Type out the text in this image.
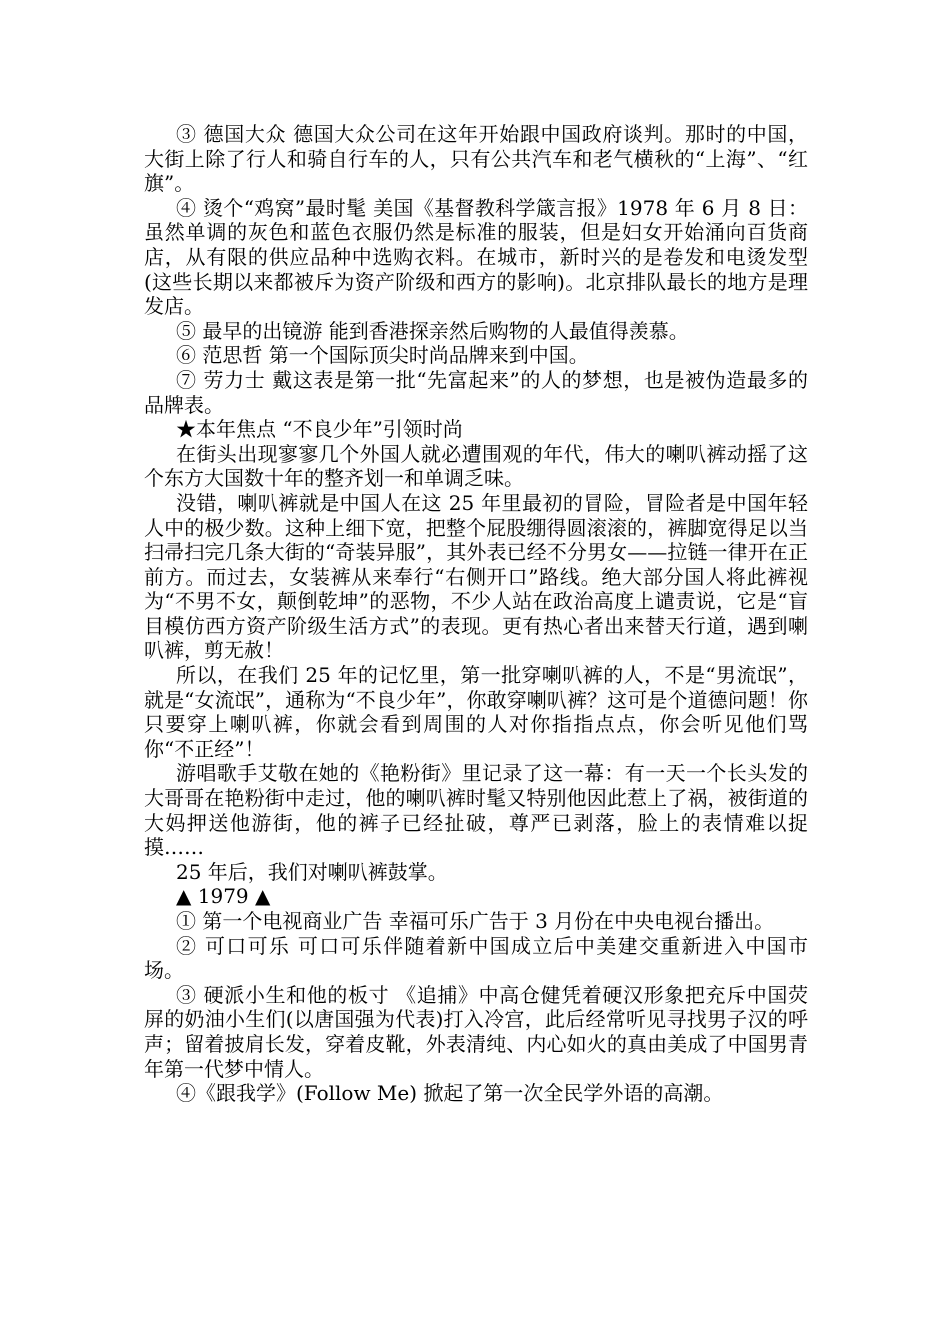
③ 德国大众 德国大众公司在这年开始跟中国政府谈判。那时的中国，大街上除了行人和骑自行车的人，只有公共汽车和老气横秋的“上海”、“红旗”。

④ 烫个“鸡窝”最时髦 美国《基督教科学箴言报》1978 年 6 月 8 日：虽然单调的灰色和蓝色衣服仍然是标准的服装，但是妇女开始涌向百货商店，从有限的供应品种中选购衣料。在城市，新时兴的是卷发和电烫发型(这些长期以来都被斥为资产阶级和西方的影响)。北京排队最长的地方是理发店。

⑤ 最早的出镜游 能到香港探亲然后购物的人最值得羡慕。

⑥ 范思哲 第一个国际顶尖时尚品牌来到中国。

⑦ 劳力士 戴这表是第一批“先富起来”的人的梦想，也是被伪造最多的品牌表。

★本年焦点 “不良少年”引领时尚

在街头出现寥寥几个外国人就必遭围观的年代，伟大的喇叭裤动摇了这个东方大国数十年的整齐划一和单调乏味。

没错，喇叭裤就是中国人在这 25 年里最初的冒险，冒险者是中国年轻人中的极少数。这种上细下宽，把整个屁股绷得圆滚滚的，裤脚宽得足以当扫帚扫完几条大街的“奇装异服”，其外表已经不分男女——拉链一律开在正前方。而过去，女装裤从来奉行“右侧开口”路线。绝大部分国人将此裤视为“不男不女，颠倒乾坤”的恶物，不少人站在政治高度上谴责说，它是“盲目模仿西方资产阶级生活方式”的表现。更有热心者出来替天行道，遇到喇叭裤，剪无赦！

所以，在我们 25 年的记忆里，第一批穿喇叭裤的人，不是“男流氓”，就是“女流氓”，通称为“不良少年”，你敢穿喇叭裤？这可是个道德问题！你只要穿上喇叭裤，你就会看到周围的人对你指指点点，你会听见他们骂你“不正经”！

游唱歌手艾敬在她的《艳粉街》里记录了这一幕：有一天一个长头发的大哥哥在艳粉街中走过，他的喇叭裤时髦又特别他因此惹上了祸，被街道的大妈押送他游街，他的裤子已经扯破，尊严已剥落，脸上的表情难以捉摸……

25 年后，我们对喇叭裤鼓掌。

▲ 1979 ▲

① 第一个电视商业广告 幸福可乐广告于 3 月份在中央电视台播出。

② 可口可乐 可口可乐伴随着新中国成立后中美建交重新进入中国市场。

③ 硬派小生和他的板寸 《追捕》中高仓健凭着硬汉形象把充斥中国荧屏的奶油小生们(以唐国强为代表)打入冷宫，此后经常听见寻找男子汉的呼声；留着披肩长发，穿着皮靴，外表清纯、内心如火的真由美成了中国男青年第一代梦中情人。

④《跟我学》(Follow Me) 掀起了第一次全民学外语的高潮。
